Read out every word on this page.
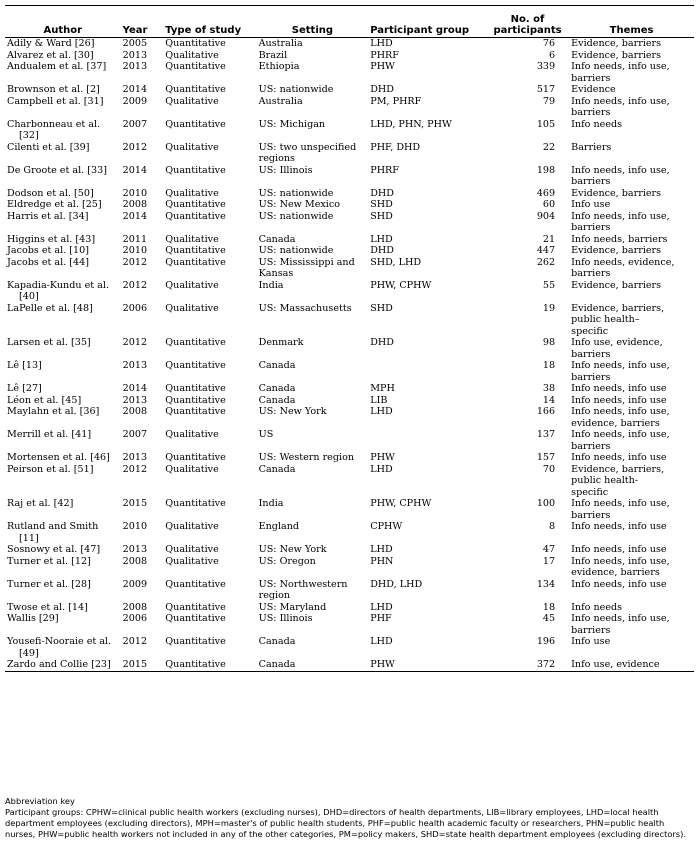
Author	Year	Type of study	Setting	Participant group	No. of
participants	Themes

Adily & Ward [26]	2005	Quantitative	Australia	LHD	76	Evidence, barriers

Alvarez et al. [30]	2013	Qualitative	Brazil	PHRF	6	Evidence, barriers

Andualem et al. [37]	2013	Quantitative	Ethiopia	PHW	339	Info needs, info use,
barriers

Brownson et al. [2]	2014	Quantitative	US: nationwide	DHD	517	Evidence

Campbell et al. [31]	2009	Qualitative	Australia	PM, PHRF	79	Info needs, info use,
barriers

Charbonneau et al.
[32]	2007	Quantitative	US: Michigan	LHD, PHN, PHW	105	Info needs

Cilenti et al. [39]	2012	Qualitative	US: two unspecified
regions	PHF, DHD	22	Barriers

De Groote et al. [33]	2014	Quantitative	US: Illinois	PHRF	198	Info needs, info use,
barriers

Dodson et al. [50]	2010	Qualitative	US: nationwide	DHD	469	Evidence, barriers

Eldredge et al. [25]	2008	Quantitative	US: New Mexico	SHD	60	Info use

Harris et al. [34]	2014	Quantitative	US: nationwide	SHD	904	Info needs, info use,
barriers

Higgins et al. [43]	2011	Qualitative	Canada	LHD	21	Info needs, barriers

Jacobs et al. [10]	2010	Quantitative	US: nationwide	DHD	447	Evidence, barriers

Jacobs et al. [44]	2012	Quantitative	US: Mississippi and
Kansas	SHD, LHD	262	Info needs, evidence,
barriers

Kapadia-Kundu et al.
[40]	2012	Qualitative	India	PHW, CPHW	55	Evidence, barriers

LaPelle et al. [48]	2006	Qualitative	US: Massachusetts	SHD	19	Evidence, barriers,
public health–
specific

Larsen et al. [35]	2012	Quantitative	Denmark	DHD	98	Info use, evidence,
barriers

Lê [13]	2013	Quantitative	Canada		18	Info needs, info use,
barriers

Lê [27]	2014	Quantitative	Canada	MPH	38	Info needs, info use

Léon et al. [45]	2013	Quantitative	Canada	LIB	14	Info needs, info use

Maylahn et al. [36]	2008	Quantitative	US: New York	LHD	166	Info needs, info use,
evidence, barriers

Merrill et al. [41]	2007	Qualitative	US		137	Info needs, info use,
barriers

Mortensen et al. [46]	2013	Quantitative	US: Western region	PHW	157	Info needs, info use

Peirson et al. [51]	2012	Qualitative	Canada	LHD	70	Evidence, barriers,
public health-
specific

Raj et al. [42]	2015	Quantitative	India	PHW, CPHW	100	Info needs, info use,
barriers

Rutland and Smith
[11]	2010	Qualitative	England	CPHW	8	Info needs, info use

Sosnowy et al. [47]	2013	Qualitative	US: New York	LHD	47	Info needs, info use

Turner et al. [12]	2008	Qualitative	US: Oregon	PHN	17	Info needs, info use,
evidence, barriers

Turner et al. [28]	2009	Quantitative	US: Northwestern
region	DHD, LHD	134	Info needs, info use

Twose et al. [14]	2008	Quantitative	US: Maryland	LHD	18	Info needs

Wallis [29]	2006	Quantitative	US: Illinois	PHF	45	Info needs, info use,
barriers

Yousefi-Nooraie et al.
[49]	2012	Quantitative	Canada	LHD	196	Info use

Zardo and Collie [23]	2015	Quantitative	Canada	PHW	372	Info use, evidence
Abbreviation key
Participant groups: CPHW=clinical public health workers (excluding nurses), DHD=directors of health departments, LIB=library employees, LHD=local health department employees (excluding directors), MPH=master's of public health students, PHF=public health academic faculty or researchers, PHN=public health nurses, PHW=public health workers not included in any of the other categories, PM=policy makers, SHD=state health department employees (excluding directors).
